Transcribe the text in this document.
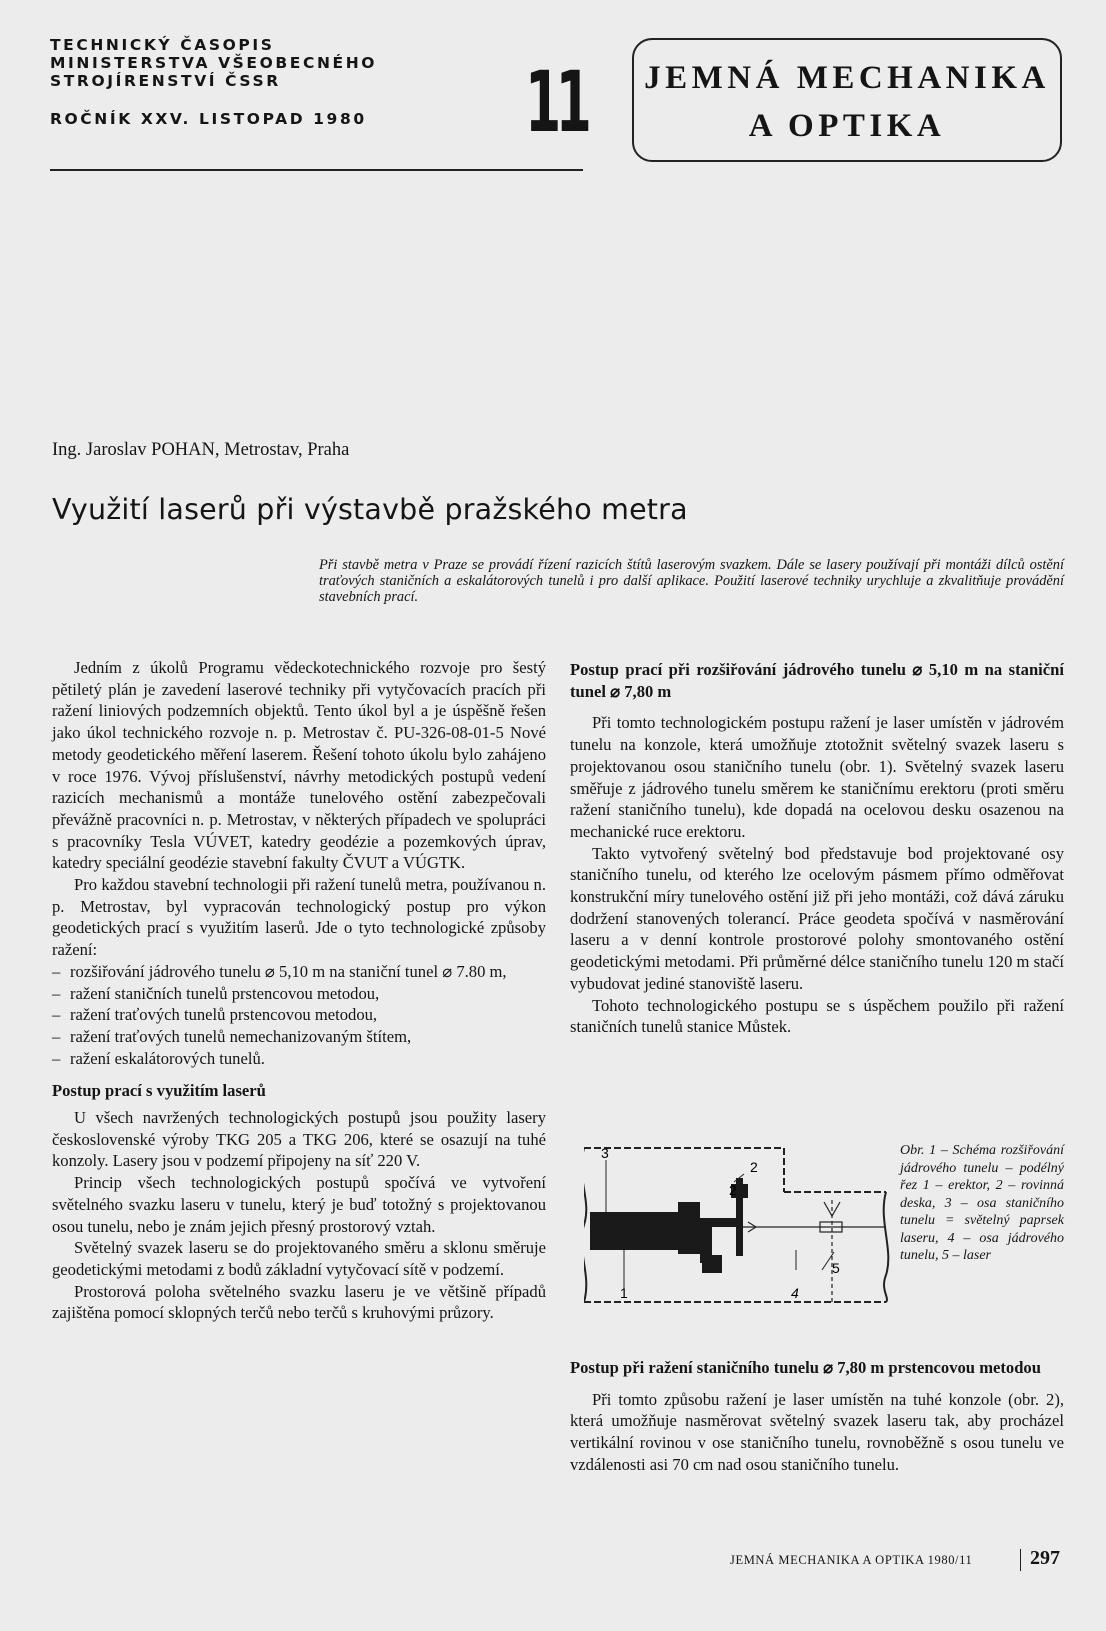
TECHNICKÝ ČASOPIS
MINISTERSTVA VŠEOBECNÉHO
STROJÍRENSTVÍ ČSSR
ROČNÍK XXV. LISTOPAD 1980 11	JEMNÁ MECHANIKA
A OPTIKA
Ing. Jaroslav POHAN, Metrostav, Praha
Využití laserů při výstavbě pražského metra
Při stavbě metra v Praze se provádí řízení razicích štítů laserovým svazkem. Dále se lasery používají při montáži dílců ostění traťových staničních a eskalátorových tunelů i pro další aplikace. Použití laserové techniky urychluje a zkvalitňuje provádění stavebních prací.

Jedním z úkolů Programu vědeckotechnického rozvoje pro šestý pětiletý plán je zavedení laserové techniky při vytyčovacích pracích při ražení liniových podzemních objektů. Tento úkol byl a je úspěšně řešen jako úkol technického rozvoje n. p. Metrostav č. PU-326-08-01-5 Nové metody geodetického měření laserem. Řešení tohoto úkolu bylo zahájeno v roce 1976. Vývoj příslušenství, návrhy metodických postupů vedení razicích mechanismů a montáže tunelového ostění zabezpečovali převážně pracovníci n. p. Metrostav, v některých případech ve spolupráci s pracovníky Tesla VÚVET, katedry geodézie a pozemkových úprav, katedry speciální geodézie stavební fakulty ČVUT a VÚGTK.

Pro každou stavební technologii při ražení tunelů metra, používanou n. p. Metrostav, byl vypracován technologický postup pro výkon geodetických prací s využitím laserů. Jde o tyto technologické způsoby ražení:

– rozšiřování jádrového tunelu ⌀ 5,10 m na staniční tunel ⌀ 7.80 m,
– ražení staničních tunelů prstencovou metodou,
– ražení traťových tunelů prstencovou metodou,
– ražení traťových tunelů nemechanizovaným štítem,
– ražení eskalátorových tunelů.

Postup prací s využitím laserů

U všech navržených technologických postupů jsou použity lasery československé výroby TKG 205 a TKG 206, které se osazují na tuhé konzoly. Lasery jsou v podzemí připojeny na síť 220 V.

Princip všech technologických postupů spočívá ve vytvoření světelného svazku laseru v tunelu, který je buď totožný s projektovanou osou tunelu, nebo je znám jejich přesný prostorový vztah.

Světelný svazek laseru se do projektovaného směru a sklonu směruje geodetickými metodami z bodů základní vytyčovací sítě v podzemí.

Prostorová poloha světelného svazku laseru je ve většině případů zajištěna pomocí sklopných terčů nebo terčů s kruhovými průzory.

Postup prací při rozšiřování jádrového tunelu ⌀ 5,10 m na staniční tunel ⌀ 7,80 m

Při tomto technologickém postupu ražení je laser umístěn v jádrovém tunelu na konzole, která umožňuje ztotožnit světelný svazek laseru s projektovanou osou staničního tunelu (obr. 1). Světelný svazek laseru směřuje z jádrového tunelu směrem ke staničnímu erektoru (proti směru ražení staničního tunelu), kde dopadá na ocelovou desku osazenou na mechanické ruce erektoru.

Takto vytvořený světelný bod představuje bod projektované osy staničního tunelu, od kterého lze ocelovým pásmem přímo odměřovat konstrukční míry tunelového ostění již při jeho montáži, což dává záruku dodržení stanovených tolerancí. Práce geodeta spočívá v nasměrování laseru a v denní kontrole prostorové polohy smontovaného ostění geodetickými metodami. Při průměrné délce staničního tunelu 120 m stačí vybudovat jediné stanoviště laseru.

Tohoto technologického postupu se s úspěchem použilo při ražení staničních tunelů stanice Můstek.

3
2
2
5
1	4
Obr. 1 – Schéma rozšiřování jádrového tunelu – podélný řez 1 – erektor, 2 – rovinná deska, 3 – osa staničního tunelu = světelný paprsek laseru, 4 – osa jádrového tunelu, 5 – laser

Postup při ražení staničního tunelu ⌀ 7,80 m prstencovou metodou

Při tomto způsobu ražení je laser umístěn na tuhé konzole (obr. 2), která umožňuje nasměrovat světelný svazek laseru tak, aby procházel vertikální rovinou v ose staničního tunelu, rovnoběžně s osou tunelu ve vzdálenosti asi 70 cm nad osou staničního tunelu.

JEMNÁ MECHANIKA A OPTIKA 1980/11	297
